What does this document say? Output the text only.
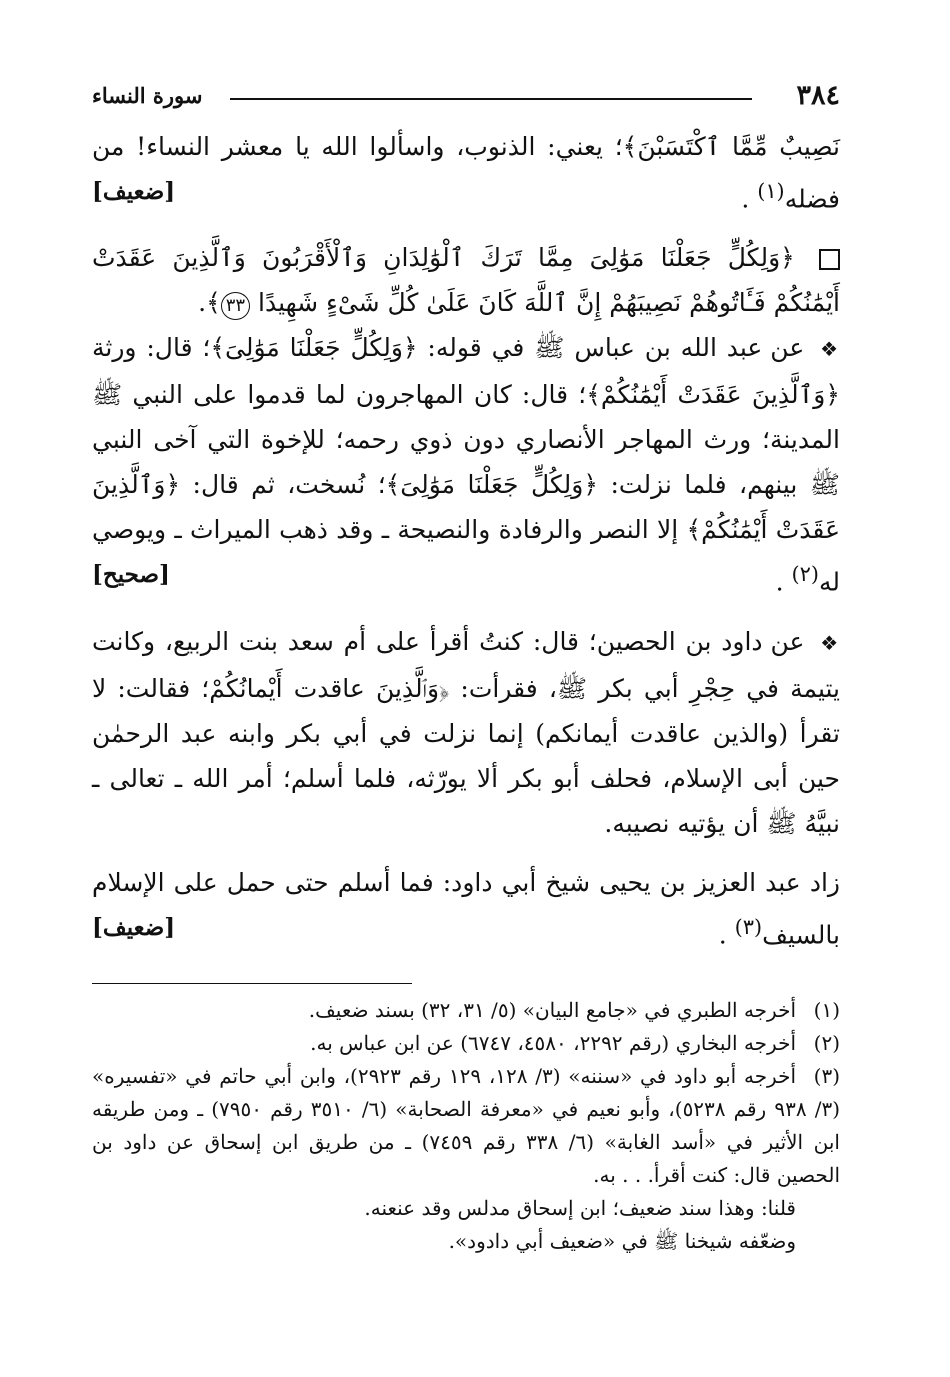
٣٨٤
سورة النساء

نَصِيبٌ مِّمَّا ٱكْتَسَبْنَ﴾؛ يعني: الذنوب، واسألوا الله يا معشر النساء! من فضله$^{(١)}$ .
[ضعيف]

﴿وَلِكُلٍّ جَعَلْنَا مَوَٰلِىَ مِمَّا تَرَكَ ٱلْوَٰلِدَانِ وَٱلْأَقْرَبُونَ وَٱلَّذِينَ عَقَدَتْ أَيْمَٰنُكُمْ فَـَٔاتُوهُمْ نَصِيبَهُمْ إِنَّ ٱللَّهَ كَانَ عَلَىٰ كُلِّ شَىْءٍ شَهِيدًا ٣٣﴾.

❖ عن عبد الله بن عباس ﷺ في قوله: ﴿وَلِكُلٍّ جَعَلْنَا مَوَٰلِىَ﴾؛ قال: ورثة ﴿وَٱلَّذِينَ عَقَدَتْ أَيْمَٰنُكُمْ﴾؛ قال: كان المهاجرون لما قدموا على النبي ﷺ المدينة؛ ورث المهاجر الأنصاري دون ذوي رحمه؛ للإخوة التي آخى النبي ﷺ بينهم، فلما نزلت: ﴿وَلِكُلٍّ جَعَلْنَا مَوَٰلِىَ﴾؛ نُسخت، ثم قال: ﴿وَٱلَّذِينَ عَقَدَتْ أَيْمَٰنُكُمْ﴾ إلا النصر والرفادة والنصيحة ـ وقد ذهب الميراث ـ ويوصي له$^{(٢)}$ .
[صحيح]

❖ عن داود بن الحصين؛ قال: كنتُ أقرأ على أم سعد بنت الربيع، وكانت يتيمة في حِجْرِ أبي بكر ﷺ، فقرأت: ﴿وَٱلَّذِينَ عاقدت أَيْمانُكُمْ؛ فقالت: لا تقرأ (والذين عاقدت أيمانكم) إنما نزلت في أبي بكر وابنه عبد الرحمٰن حين أبى الإسلام، فحلف أبو بكر ألا يورّثه، فلما أسلم؛ أمر الله ـ تعالى ـ نبيَّهُ ﷺ أن يؤتيه نصيبه.

زاد عبد العزيز بن يحيى شيخ أبي داود: فما أسلم حتى حمل على الإسلام بالسيف$^{(٣)}$ .
[ضعيف]

(١)أخرجه الطبري في «جامع البيان» (٥/ ٣١، ٣٢) بسند ضعيف.

(٢)أخرجه البخاري (رقم ٢٢٩٢، ٤٥٨٠، ٦٧٤٧) عن ابن عباس به.

(٣)أخرجه أبو داود في «سننه» (٣/ ١٢٨، ١٢٩ رقم ٢٩٢٣)، وابن أبي حاتم في «تفسيره» (٣/ ٩٣٨ رقم ٥٢٣٨)، وأبو نعيم في «معرفة الصحابة» (٦/ ٣٥١٠ رقم ٧٩٥٠) ـ ومن طريقه ابن الأثير في «أسد الغابة» (٦/ ٣٣٨ رقم ٧٤٥٩) ـ من طريق ابن إسحاق عن داود بن الحصين قال: كنت أقرأ. . . به.

قلنا: وهذا سند ضعيف؛ ابن إسحاق مدلس وقد عنعنه.

وضعّفه شيخنا ﷺ في «ضعيف أبي دادود».
